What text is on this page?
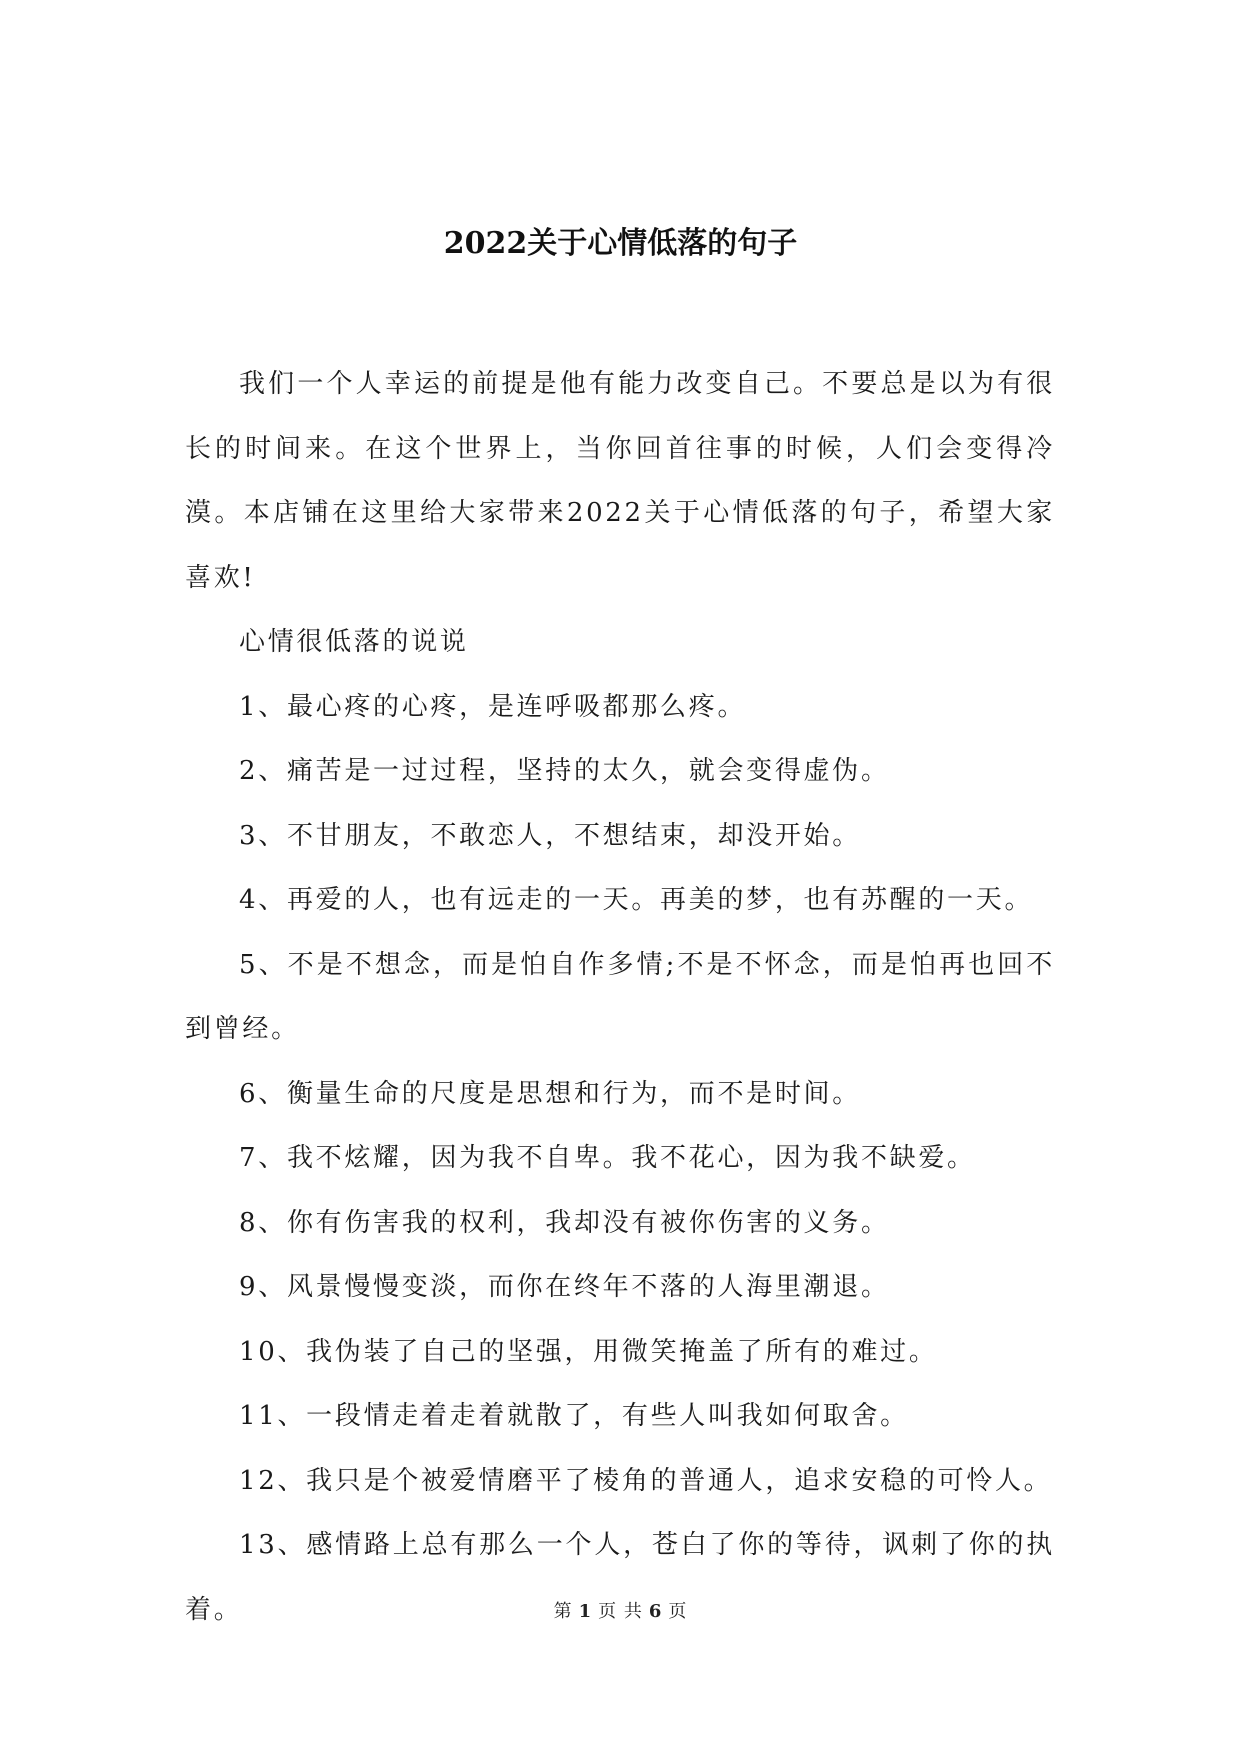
2022关于心情低落的句子

我们一个人幸运的前提是他有能力改变自己。不要总是以为有很长的时间来。在这个世界上，当你回首往事的时候，人们会变得冷漠。本店铺在这里给大家带来2022关于心情低落的句子，希望大家喜欢!

心情很低落的说说

1、最心疼的心疼，是连呼吸都那么疼。

2、痛苦是一过过程，坚持的太久，就会变得虚伪。

3、不甘朋友，不敢恋人，不想结束，却没开始。

4、再爱的人，也有远走的一天。再美的梦，也有苏醒的一天。

5、不是不想念，而是怕自作多情;不是不怀念，而是怕再也回不到曾经。

6、衡量生命的尺度是思想和行为，而不是时间。

7、我不炫耀，因为我不自卑。我不花心，因为我不缺爱。

8、你有伤害我的权利，我却没有被你伤害的义务。

9、风景慢慢变淡，而你在终年不落的人海里潮退。

10、我伪装了自己的坚强，用微笑掩盖了所有的难过。

11、一段情走着走着就散了，有些人叫我如何取舍。

12、我只是个被爱情磨平了棱角的普通人，追求安稳的可怜人。

13、感情路上总有那么一个人，苍白了你的等待，讽刺了你的执着。	第 1 页 共 6 页
